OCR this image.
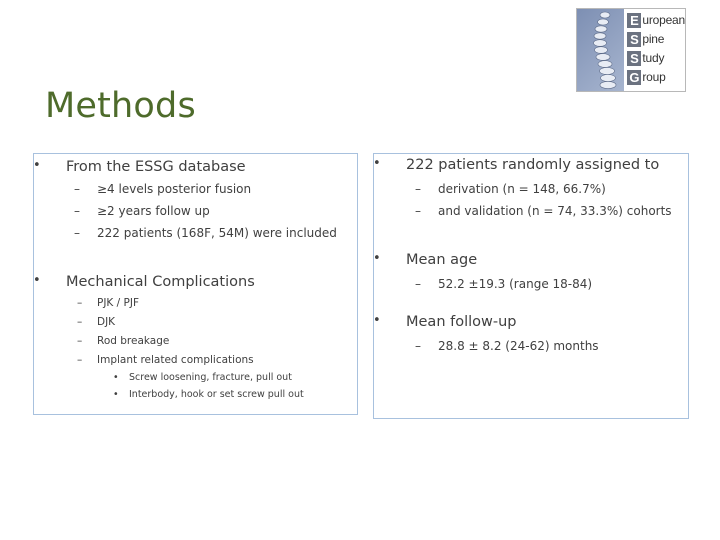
E uropean
S pine
S tudy
G roup
Methods
• From the ESSG database
– ≥4 levels posterior fusion
– ≥2 years follow up
– 222 patients (168F, 54M) were included
• Mechanical Complications
– PJK / PJF
– DJK
– Rod breakage
– Implant related complications
• Screw loosening, fracture, pull out
• Interbody, hook or set screw pull out
• 222 patients randomly assigned to
– derivation (n = 148, 66.7%)
– and validation (n = 74, 33.3%) cohorts
• Mean age
– 52.2 ±19.3 (range 18-84)
• Mean follow-up
– 28.8 ± 8.2 (24-62) months
